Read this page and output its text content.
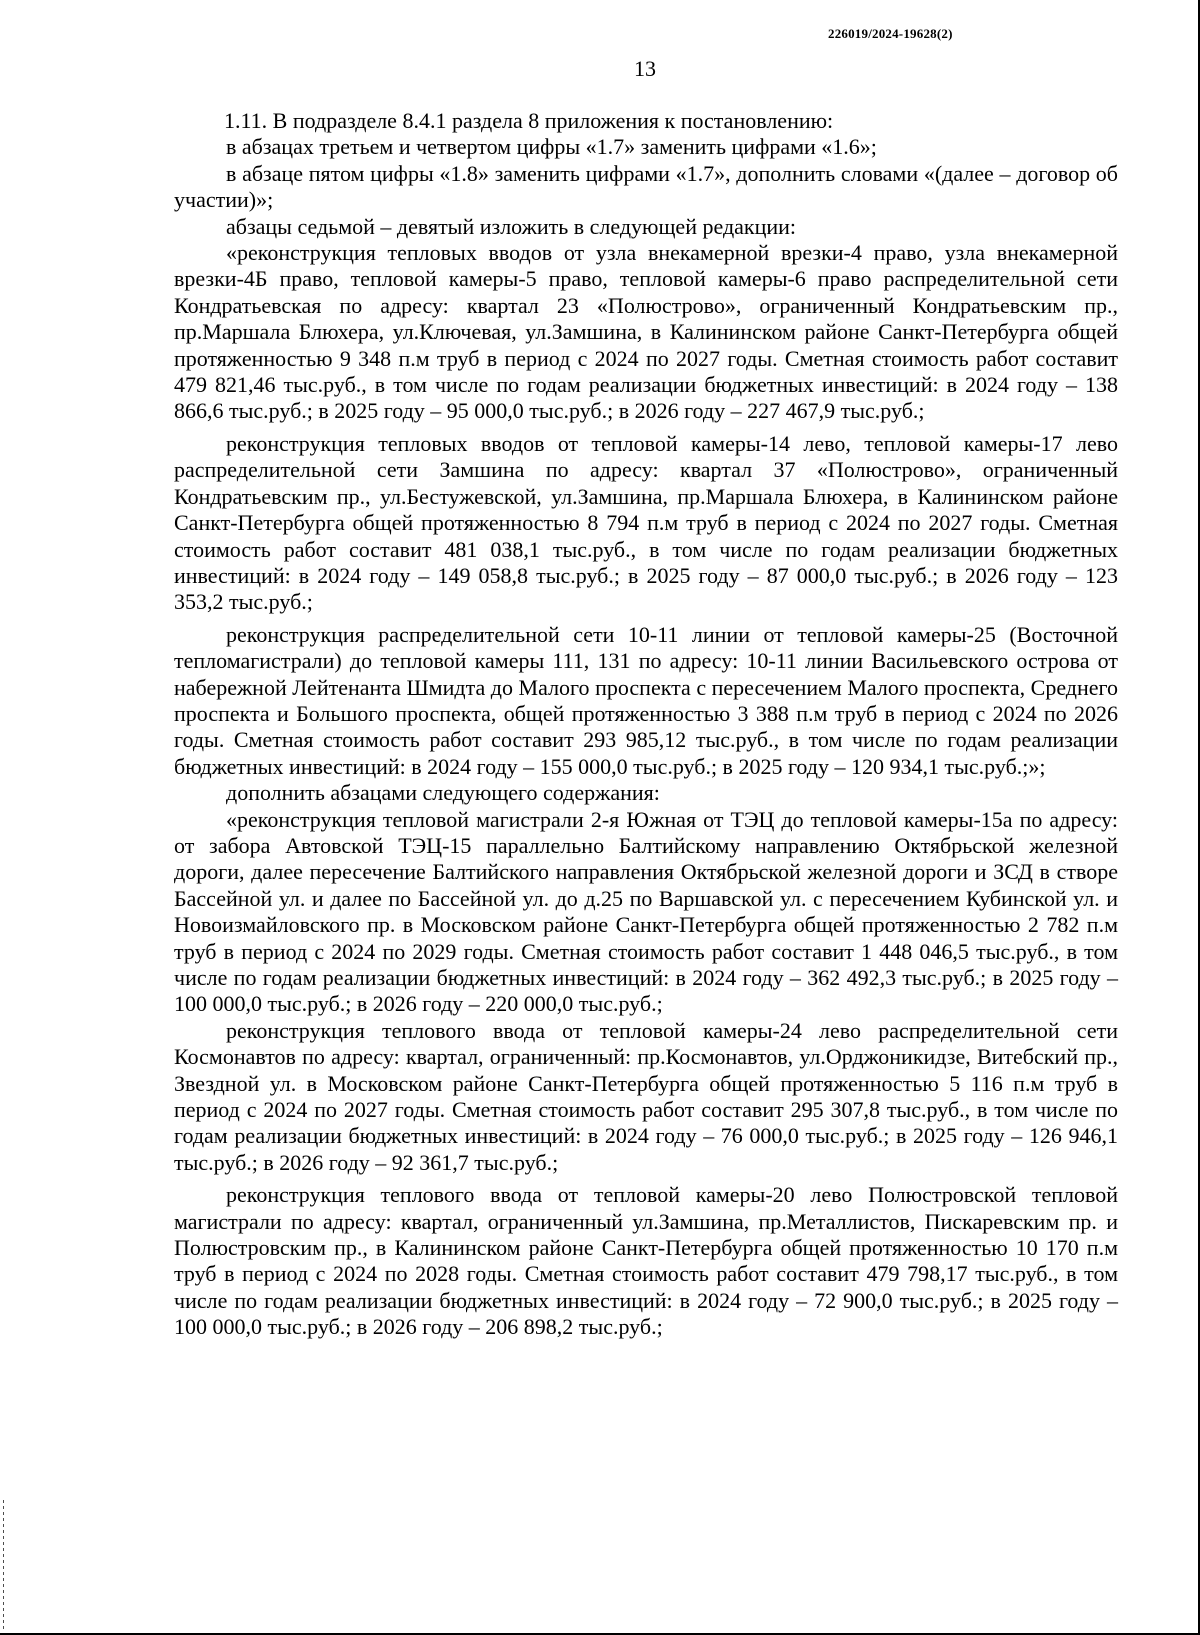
226019/2024-19628(2)
13

1.11. В подразделе 8.4.1 раздела 8 приложения к постановлению:

в абзацах третьем и четвертом цифры «1.7» заменить цифрами «1.6»;

в абзаце пятом цифры «1.8» заменить цифрами «1.7», дополнить словами «(далее – договор об участии)»;

абзацы седьмой – девятый изложить в следующей редакции:

«реконструкция тепловых вводов от узла внекамерной врезки-4 право, узла внекамерной врезки-4Б право, тепловой камеры-5 право, тепловой камеры-6 право распределительной сети Кондратьевская по адресу: квартал 23 «Полюстрово», ограниченный Кондратьевским пр., пр.Маршала Блюхера, ул.Ключевая, ул.Замшина, в Калининском районе Санкт-Петербурга общей протяженностью 9 348 п.м труб в период с 2024 по 2027 годы. Сметная стоимость работ составит 479 821,46 тыс.руб., в том числе по годам реализации бюджетных инвестиций: в 2024 году – 138 866,6 тыс.руб.; в 2025 году – 95 000,0 тыс.руб.; в 2026 году – 227 467,9 тыс.руб.;

реконструкция тепловых вводов от тепловой камеры-14 лево, тепловой камеры-17 лево распределительной сети Замшина по адресу: квартал 37 «Полюстрово», ограниченный Кондратьевским пр., ул.Бестужевской, ул.Замшина, пр.Маршала Блюхера, в Калининском районе Санкт-Петербурга общей протяженностью 8 794 п.м труб в период с 2024 по 2027 годы. Сметная стоимость работ составит 481 038,1 тыс.руб., в том числе по годам реализации бюджетных инвестиций: в 2024 году – 149 058,8 тыс.руб.; в 2025 году – 87 000,0 тыс.руб.; в 2026 году – 123 353,2 тыс.руб.;

реконструкция распределительной сети 10-11 линии от тепловой камеры-25 (Восточной тепломагистрали) до тепловой камеры 111, 131 по адресу: 10-11 линии Васильевского острова от набережной Лейтенанта Шмидта до Малого проспекта с пересечением Малого проспекта, Среднего проспекта и Большого проспекта, общей протяженностью 3 388 п.м труб в период с 2024 по 2026 годы. Сметная стоимость работ составит 293 985,12 тыс.руб., в том числе по годам реализации бюджетных инвестиций: в 2024 году – 155 000,0 тыс.руб.; в 2025 году – 120 934,1 тыс.руб.;»;

дополнить абзацами следующего содержания:

«реконструкция тепловой магистрали 2-я Южная от ТЭЦ до тепловой камеры-15а по адресу: от забора Автовской ТЭЦ-15 параллельно Балтийскому направлению Октябрьской железной дороги, далее пересечение Балтийского направления Октябрьской железной дороги и ЗСД в створе Бассейной ул. и далее по Бассейной ул. до д.25 по Варшавской ул. с пересечением Кубинской ул. и Новоизмайловского пр. в Московском районе Санкт-Петербурга общей протяженностью 2 782 п.м труб в период с 2024 по 2029 годы. Сметная стоимость работ составит 1 448 046,5 тыс.руб., в том числе по годам реализации бюджетных инвестиций: в 2024 году – 362 492,3 тыс.руб.; в 2025 году – 100 000,0 тыс.руб.; в 2026 году – 220 000,0 тыс.руб.;

реконструкция теплового ввода от тепловой камеры-24 лево распределительной сети Космонавтов по адресу: квартал, ограниченный: пр.Космонавтов, ул.Орджоникидзе, Витебский пр., Звездной ул. в Московском районе Санкт-Петербурга общей протяженностью 5 116 п.м труб в период с 2024 по 2027 годы. Сметная стоимость работ составит 295 307,8 тыс.руб., в том числе по годам реализации бюджетных инвестиций: в 2024 году – 76 000,0 тыс.руб.; в 2025 году – 126 946,1 тыс.руб.; в 2026 году – 92 361,7 тыс.руб.;

реконструкция теплового ввода от тепловой камеры-20 лево Полюстровской тепловой магистрали по адресу: квартал, ограниченный ул.Замшина, пр.Металлистов, Пискаревским пр. и Полюстровским пр., в Калининском районе Санкт-Петербурга общей протяженностью 10 170 п.м труб в период с 2024 по 2028 годы. Сметная стоимость работ составит 479 798,17 тыс.руб., в том числе по годам реализации бюджетных инвестиций: в 2024 году – 72 900,0 тыс.руб.; в 2025 году – 100 000,0 тыс.руб.; в 2026 году – 206 898,2 тыс.руб.;
